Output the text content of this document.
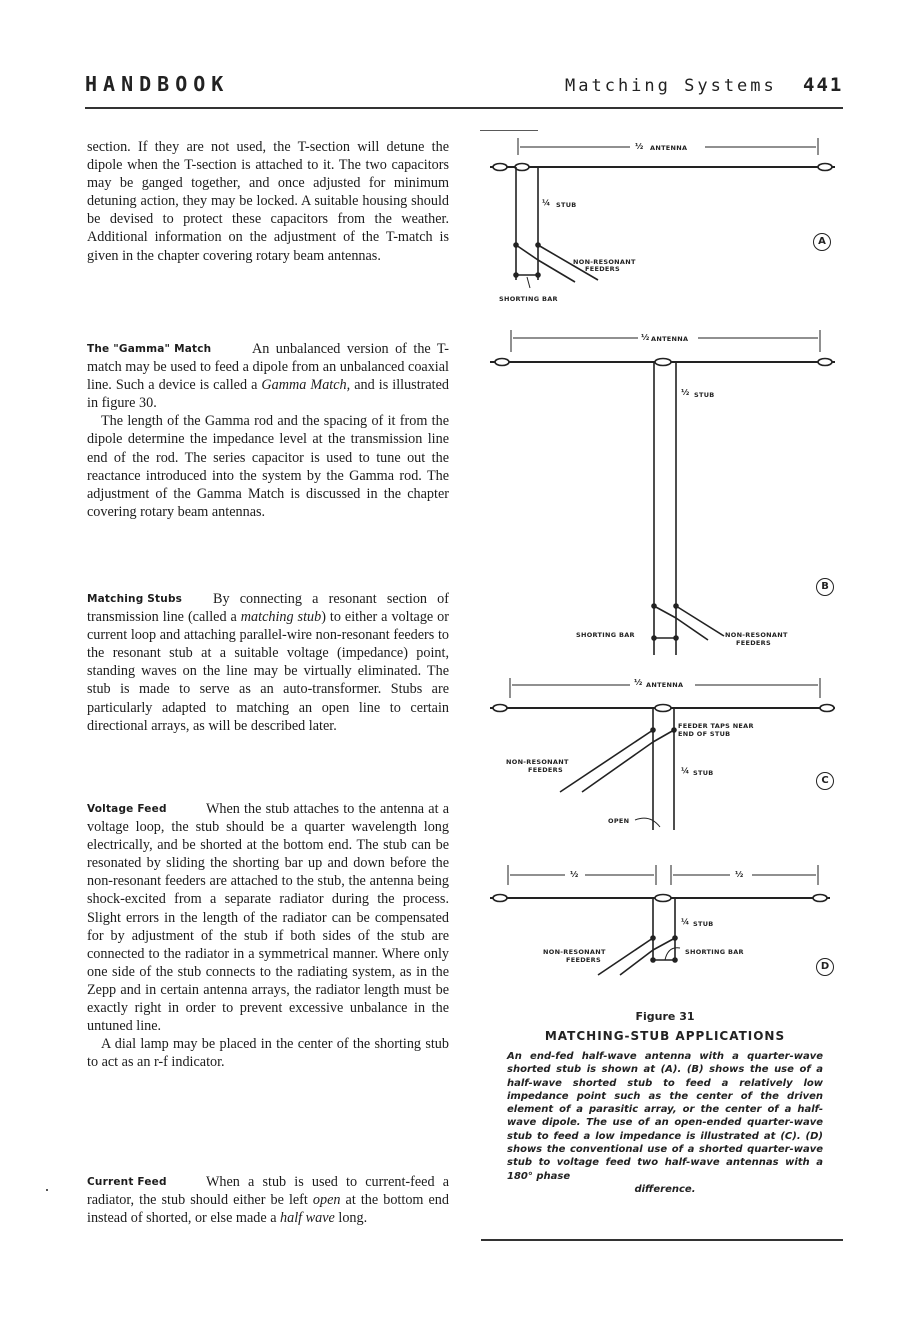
HANDBOOK	Matching Systems 441

section. If they are not used, the T-section will detune the dipole when the T-section is attached to it. The two capacitors may be ganged together, and once adjusted for minimum detuning action, they may be locked. A suitable housing should be devised to protect these capacitors from the weather. Additional information on the adjustment of the T-match is given in the chapter covering rotary beam antennas.

The "Gamma" Match	An unbalanced version of the T-match may be used to feed a dipole from an unbalanced coaxial line. Such a device is called a Gamma Match, and is illustrated in figure 30.

The length of the Gamma rod and the spacing of it from the dipole determine the impedance level at the transmission line end of the rod. The series capacitor is used to tune out the reactance introduced into the system by the Gamma rod. The adjustment of the Gamma Match is discussed in the chapter covering rotary beam antennas.

Matching Stubs	By connecting a resonant section of transmission line (called a matching stub) to either a voltage or current loop and attaching parallel-wire non-resonant feeders to the resonant stub at a suitable voltage (impedance) point, standing waves on the line may be virtually eliminated. The stub is made to serve as an auto-transformer. Stubs are particularly adapted to matching an open line to certain directional arrays, as will be described later.

Voltage Feed	When the stub attaches to the antenna at a voltage loop, the stub should be a quarter wavelength long electrically, and be shorted at the bottom end. The stub can be resonated by sliding the shorting bar up and down before the non-resonant feeders are attached to the stub, the antenna being shock-excited from a separate radiator during the process. Slight errors in the length of the radiator can be compensated for by adjustment of the stub if both sides of the stub are connected to the radiator in a symmetrical manner. Where only one side of the stub connects to the radiating system, as in the Zepp and in certain antenna arrays, the radiator length must be exactly right in order to prevent excessive unbalance in the untuned line.

A dial lamp may be placed in the center of the shorting stub to act as an r-f indicator.

Current Feed	When a stub is used to current-feed a radiator, the stub should either be left open at the bottom end instead of shorted, or else made a half wave long.

½ ANTENNA
¼ STUB
NON-RESONANT
FEEDERS
SHORTING BAR
A
½ ANTENNA
½ STUB
SHORTING BAR	NON-RESONANT
FEEDERS
B
½ ANTENNA
FEEDER TAPS NEAR
END OF STUB
NON-RESONANT
FEEDERS	¼ STUB
OPEN
C
½	½
¼ STUB
NON-RESONANT
FEEDERS
SHORTING BAR
D
Figure 31
MATCHING-STUB APPLICATIONS
An end-fed half-wave antenna with a quarter-wave shorted stub is shown at (A). (B) shows the use of a half-wave shorted stub to feed a relatively low impedance point such as the center of the driven element of a parasitic array, or the center of a half-wave dipole. The use of an open-ended quarter-wave stub to feed a low impedance is illustrated at (C). (D) shows the conventional use of a shorted quarter-wave stub to voltage feed two half-wave antennas with a 180° phase
difference.
